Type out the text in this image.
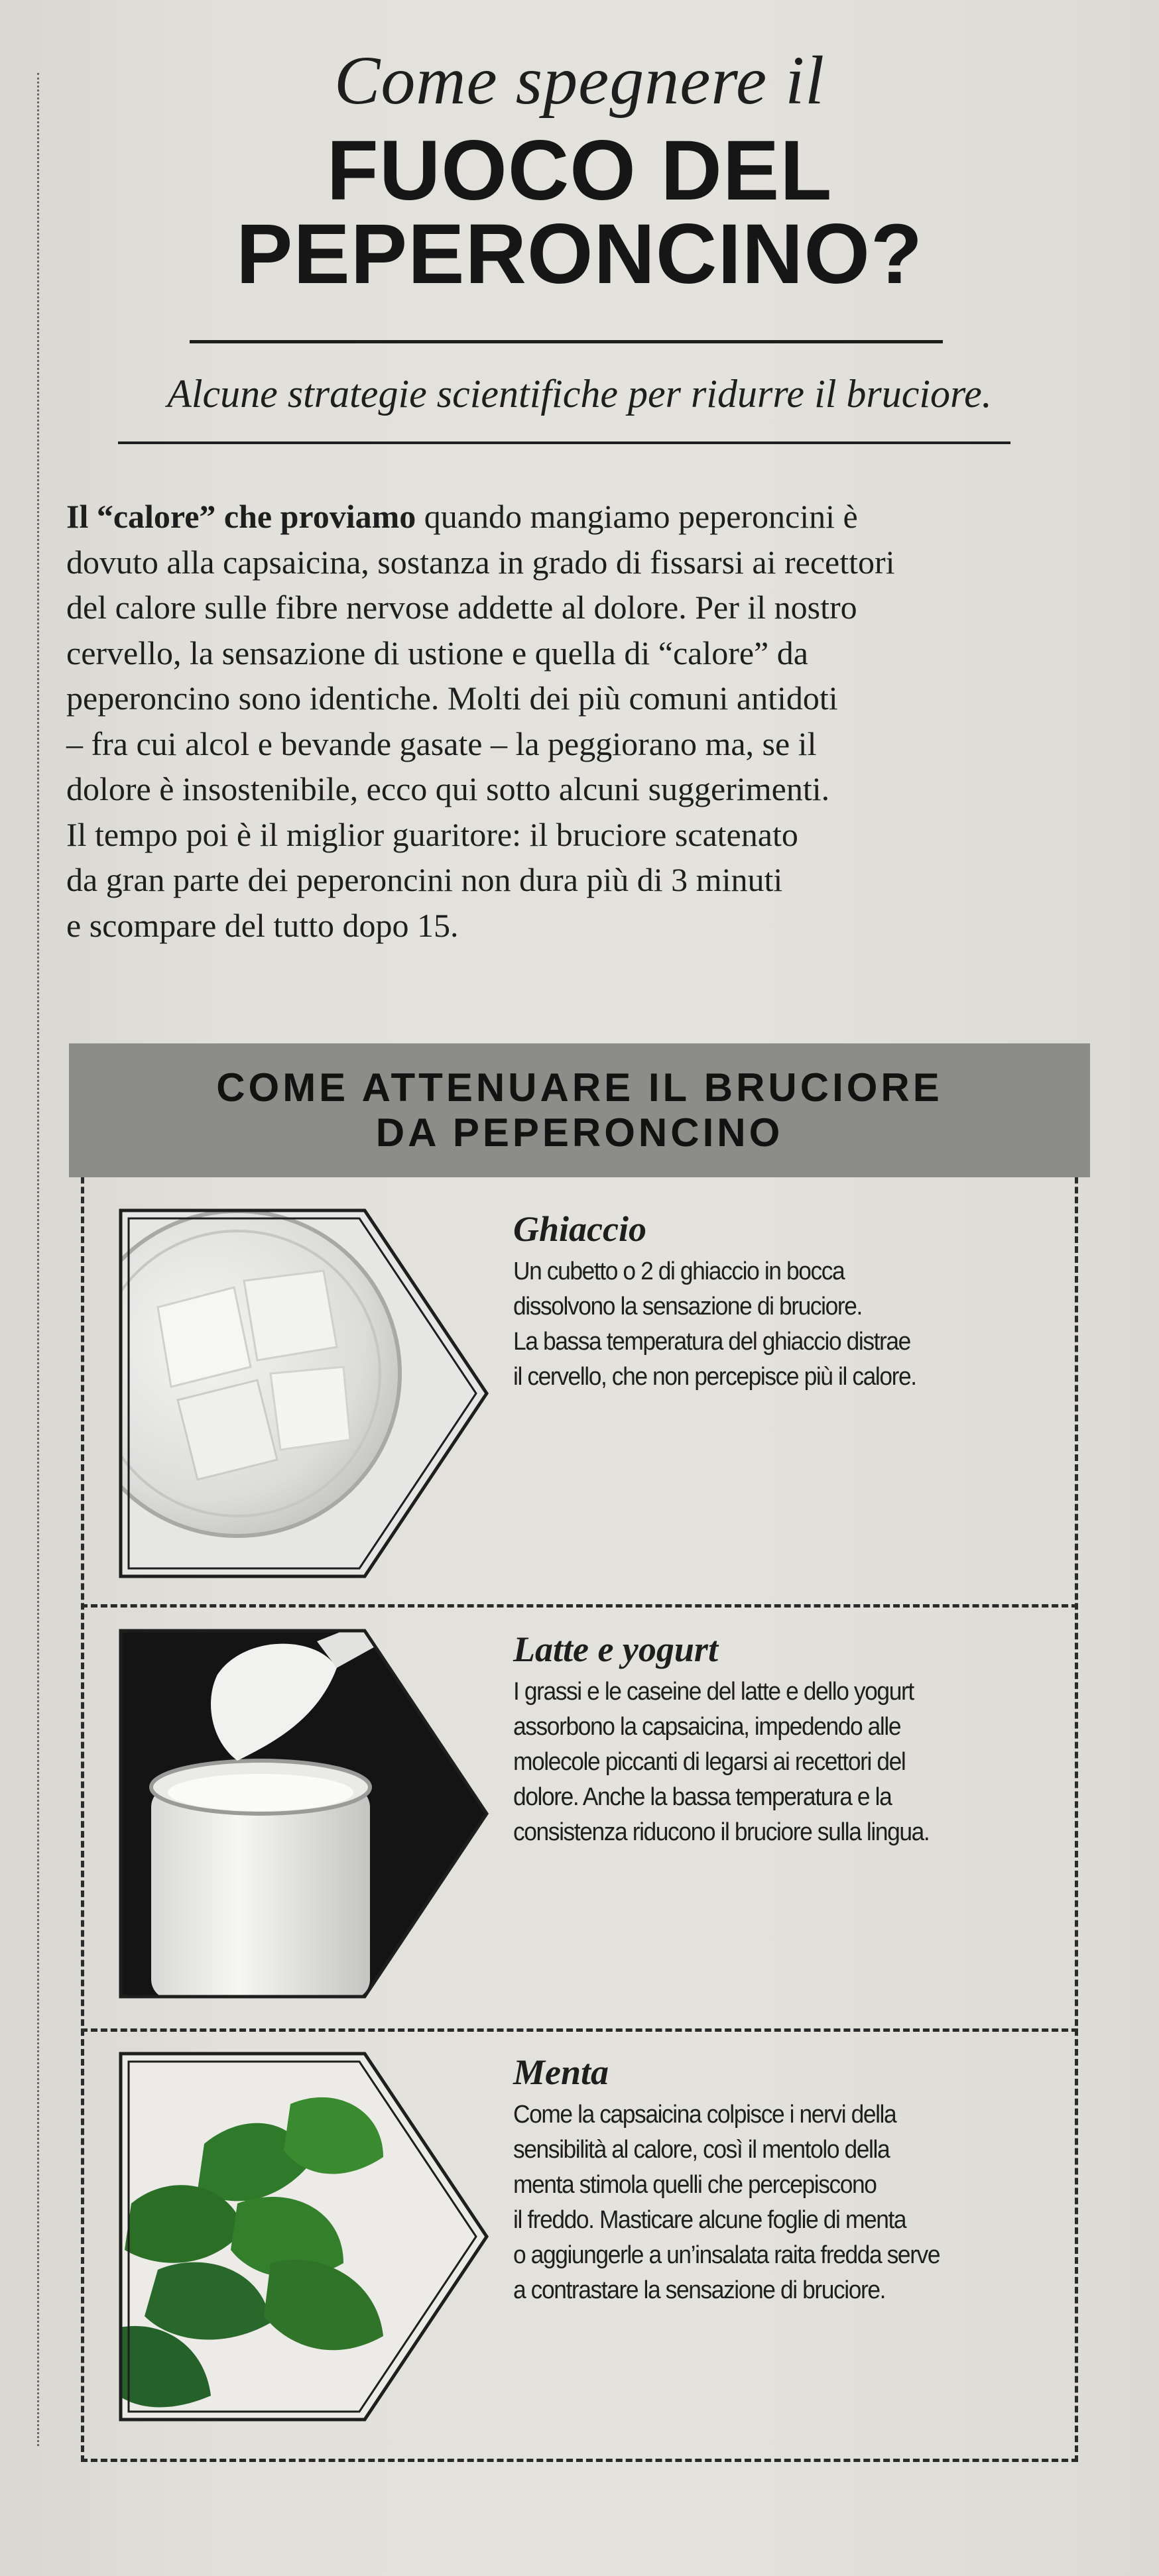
Come spegnere il
FUOCO DEL
PEPERONCINO?
Alcune strategie scientifiche per ridurre il bruciore.
Il “calore” che proviamo quando mangiamo peperoncini è
dovuto alla capsaicina, sostanza in grado di fissarsi ai recettori
del calore sulle fibre nervose addette al dolore. Per il nostro
cervello, la sensazione di ustione e quella di “calore” da
peperoncino sono identiche. Molti dei più comuni antidoti
– fra cui alcol e bevande gasate – la peggiorano ma, se il
dolore è insostenibile, ecco qui sotto alcuni suggerimenti.
Il tempo poi è il miglior guaritore: il bruciore scatenato
da gran parte dei peperoncini non dura più di 3 minuti
e scompare del tutto dopo 15.
COME ATTENUARE IL BRUCIORE
DA PEPERONCINO
Ghiaccio
Un cubetto o 2 di ghiaccio in bocca
dissolvono la sensazione di bruciore.
La bassa temperatura del ghiaccio distrae
il cervello, che non percepisce più il calore.
Latte e yogurt
I grassi e le caseine del latte e dello yogurt
assorbono la capsaicina, impedendo alle
molecole piccanti di legarsi ai recettori del
dolore. Anche la bassa temperatura e la
consistenza riducono il bruciore sulla lingua.
Menta
Come la capsaicina colpisce i nervi della
sensibilità al calore, così il mentolo della
menta stimola quelli che percepiscono
il freddo. Masticare alcune foglie di menta
o aggiungerle a un’insalata raita fredda serve
a contrastare la sensazione di bruciore.
